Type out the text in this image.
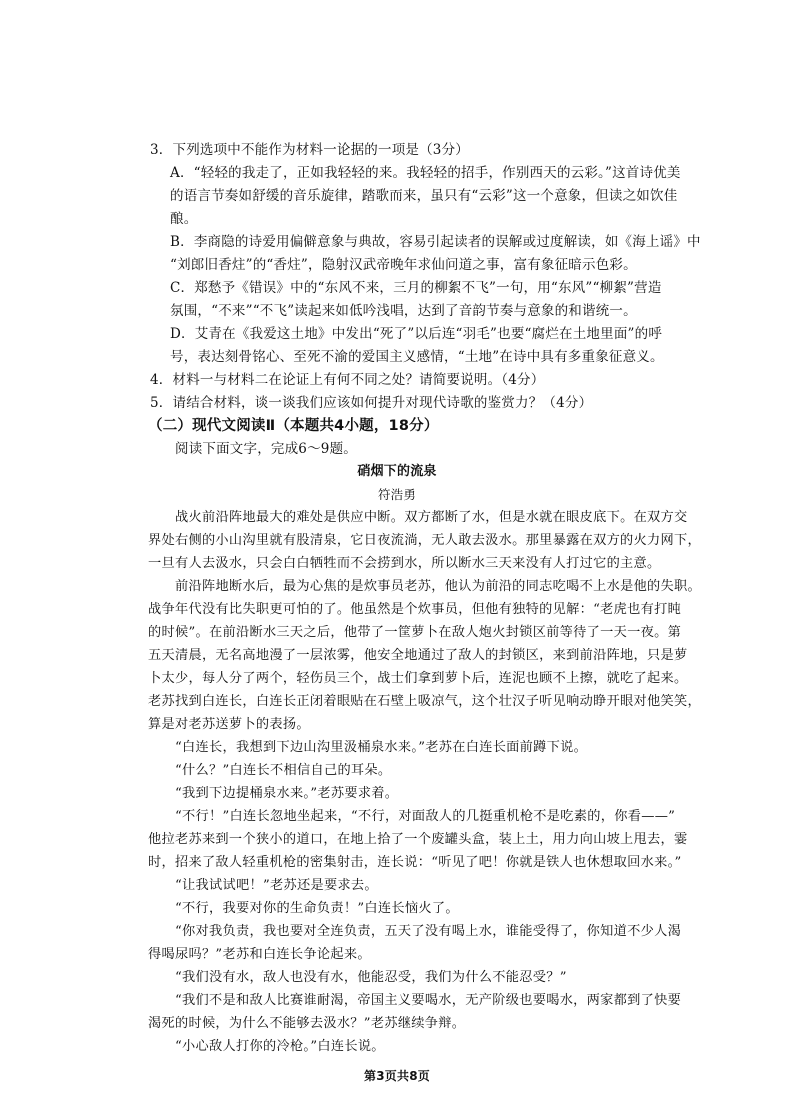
3．下列选项中不能作为材料一论据的一项是（3分）
A．“轻轻的我走了，正如我轻轻的来。我轻轻的招手，作别西天的云彩。”这首诗优美
的语言节奏如舒缓的音乐旋律，踏歌而来，虽只有“云彩”这一个意象，但读之如饮佳
酿。
B．李商隐的诗爱用偏僻意象与典故，容易引起读者的误解或过度解读，如《海上谣》中
“刘郎旧香炷”的“香炷”，隐射汉武帝晚年求仙问道之事，富有象征暗示色彩。
C．郑愁予《错误》中的“东风不来，三月的柳絮不飞”一句，用“东风”“柳絮”营造
氛围，“不来”“不飞”读起来如低吟浅唱，达到了音韵节奏与意象的和谐统一。
D．艾青在《我爱这土地》中发出“死了”以后连“羽毛”也要“腐烂在土地里面”的呼
号，表达刻骨铭心、至死不渝的爱国主义感情，“土地”在诗中具有多重象征意义。
4．材料一与材料二在论证上有何不同之处？请简要说明。（4分）
5．请结合材料，谈一谈我们应该如何提升对现代诗歌的鉴赏力？（4分）
（二）现代文阅读Ⅱ（本题共4小题，18分）
阅读下面文字，完成6～9题。
硝烟下的流泉
符浩勇
战火前沿阵地最大的难处是供应中断。双方都断了水，但是水就在眼皮底下。在双方交
界处右侧的小山沟里就有股清泉，它日夜流淌，无人敢去汲水。那里暴露在双方的火力网下，
一旦有人去汲水，只会白白牺牲而不会捞到水，所以断水三天来没有人打过它的主意。
前沿阵地断水后，最为心焦的是炊事员老苏，他认为前沿的同志吃喝不上水是他的失职。
战争年代没有比失职更可怕的了。他虽然是个炊事员，但他有独特的见解：“老虎也有打盹
的时候”。在前沿断水三天之后，他带了一筐萝卜在敌人炮火封锁区前等待了一天一夜。第
五天清晨，无名高地漫了一层浓雾，他安全地通过了敌人的封锁区，来到前沿阵地，只是萝
卜太少，每人分了两个，轻伤员三个，战士们拿到萝卜后，连泥也顾不上擦，就吃了起来。
老苏找到白连长，白连长正闭着眼贴在石壁上吸凉气，这个壮汉子听见响动睁开眼对他笑笑，
算是对老苏送萝卜的表扬。
“白连长，我想到下边山沟里汲桶泉水来。”老苏在白连长面前蹲下说。
“什么？”白连长不相信自己的耳朵。
“我到下边提桶泉水来。”老苏要求着。
“不行！”白连长忽地坐起来，“不行，对面敌人的几挺重机枪不是吃素的，你看——”
他拉老苏来到一个狭小的道口，在地上拾了一个废罐头盒，装上土，用力向山坡上甩去，霎
时，招来了敌人轻重机枪的密集射击，连长说：“听见了吧！你就是铁人也休想取回水来。”
“让我试试吧！”老苏还是要求去。
“不行，我要对你的生命负责！”白连长恼火了。
“你对我负责，我也要对全连负责，五天了没有喝上水，谁能受得了，你知道不少人渴
得喝尿吗？”老苏和白连长争论起来。
“我们没有水，敌人也没有水，他能忍受，我们为什么不能忍受？”
“我们不是和敌人比赛谁耐渴，帝国主义要喝水，无产阶级也要喝水，两家都到了快要
渴死的时候，为什么不能够去汲水？”老苏继续争辩。
“小心敌人打你的冷枪。”白连长说。
第3页共8页
